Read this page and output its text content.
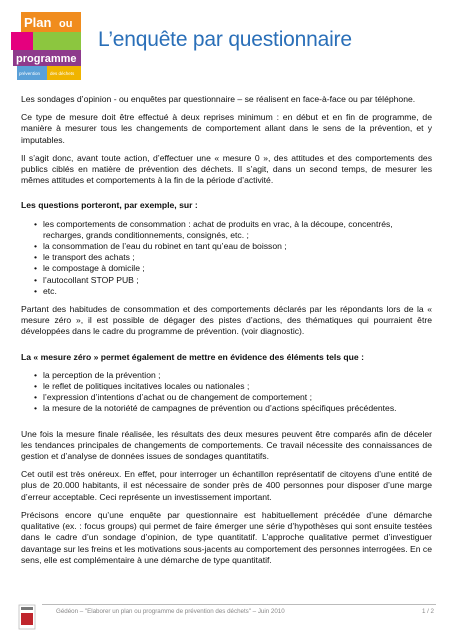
Plan ou
programme
prévention des déchets
L’enquête par questionnaire

Les sondages d’opinion - ou enquêtes par questionnaire – se réalisent en face-à-face ou par téléphone.

Ce type de mesure doit être effectué à deux reprises minimum : en début et en fin de programme, de manière à mesurer tous les changements de comportement allant dans le sens de la prévention, et y imputables.

Il s’agit donc, avant toute action, d’effectuer une « mesure 0 », des attitudes et des comportements des publics ciblés en matière de prévention des déchets. Il s’agit, dans un second temps, de mesurer les mêmes attitudes et comportements à la fin de la période d’activité.

Les questions porteront, par exemple, sur :

• les comportements de consommation : achat de produits en vrac, à la découpe, concentrés, recharges, grands conditionnements, consignés, etc. ;
• la consommation de l’eau du robinet en tant qu’eau de boisson ;
• le transport des achats ;
• le compostage à domicile ;
• l’autocollant STOP PUB ;
• etc.

Partant des habitudes de consommation et des comportements déclarés par les répondants lors de la « mesure zéro », il est possible de dégager des pistes d’actions, des thématiques qui pourraient être développées dans le cadre du programme de prévention. (voir diagnostic).

La « mesure zéro » permet également de mettre en évidence des éléments tels que :

• la perception de la prévention ;
• le reflet de politiques incitatives locales ou nationales ;
• l’expression d’intentions d’achat ou de changement de comportement ;
• la mesure de la notoriété de campagnes de prévention ou d’actions spécifiques précédentes.

Une fois la mesure finale réalisée, les résultats des deux mesures peuvent être comparés afin de déceler les tendances principales de changements de comportements. Ce travail nécessite des connaissances de gestion et d’analyse de données issues de sondages quantitatifs.

Cet outil est très onéreux. En effet, pour interroger un échantillon représentatif de citoyens d’une entité de plus de 20.000 habitants, il est nécessaire de sonder près de 400 personnes pour disposer d’une marge d’erreur acceptable. Ceci représente un investissement important.

Précisons encore qu’une enquête par questionnaire est habituellement précédée d’une démarche qualitative (ex. : focus groups) qui permet de faire émerger une série d’hypothèses qui sont ensuite testées dans le cadre d’un sondage d’opinion, de type quantitatif. L’approche qualitative permet d’investiguer davantage sur les freins et les motivations sous-jacents au comportement des personnes interrogées. En ce sens, elle est complémentaire à une démarche de type quantitatif.

Gédéon – "Elaborer un plan ou programme de prévention des déchets" – Juin 2010	1 / 2
